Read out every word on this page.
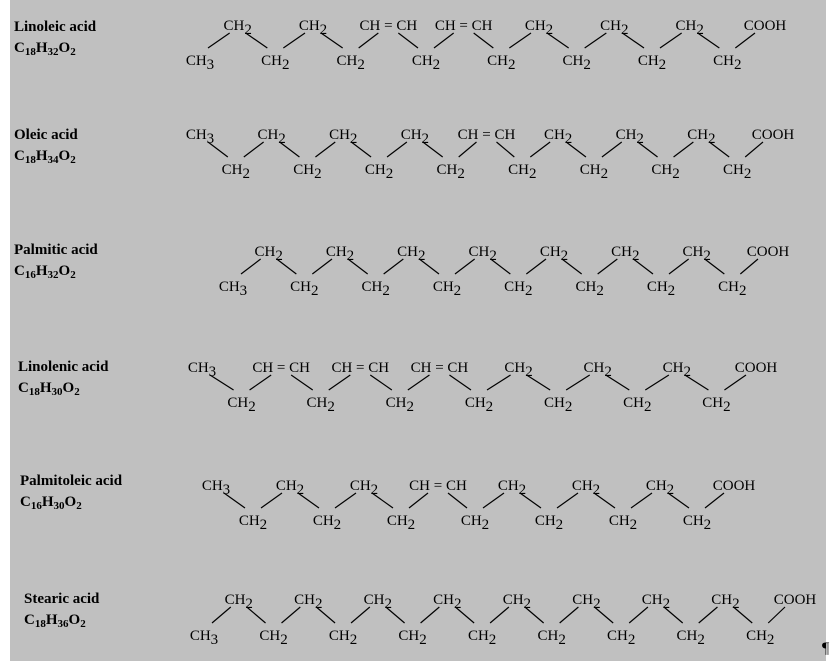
Linoleic acid
$C_{18}H_{32}O_2$
Oleic acid
$C_{18}H_{34}O_2$
Palmitic acid
$C_{16}H_{32}O_2$
Linolenic acid
$C_{18}H_{30}O_2$
Palmitoleic acid
$C_{16}H_{30}O_2$
Stearic acid
$C_{18}H_{36}O_2$
CH3
CH2
CH2
CH2
CH2
CH = CH
CH2
CH = CH
CH2
CH2
CH2
CH2
CH2
CH2
CH2
COOH
CH3
CH2
CH2
CH2
CH2
CH2
CH2
CH2
CH = CH
CH2
CH2
CH2
CH2
CH2
CH2
CH2
COOH
CH3
CH2
CH2
CH2
CH2
CH2
CH2
CH2
CH2
CH2
CH2
CH2
CH2
CH2
CH2
COOH
CH3
CH2
CH = CH
CH2
CH = CH
CH2
CH = CH
CH2
CH2
CH2
CH2
CH2
CH2
CH2
COOH
CH3
CH2
CH2
CH2
CH2
CH2
CH = CH
CH2
CH2
CH2
CH2
CH2
CH2
CH2
COOH
CH3
CH2
CH2
CH2
CH2
CH2
CH2
CH2
CH2
CH2
CH2
CH2
CH2
CH2
CH2
CH2
CH2
COOH
¶
